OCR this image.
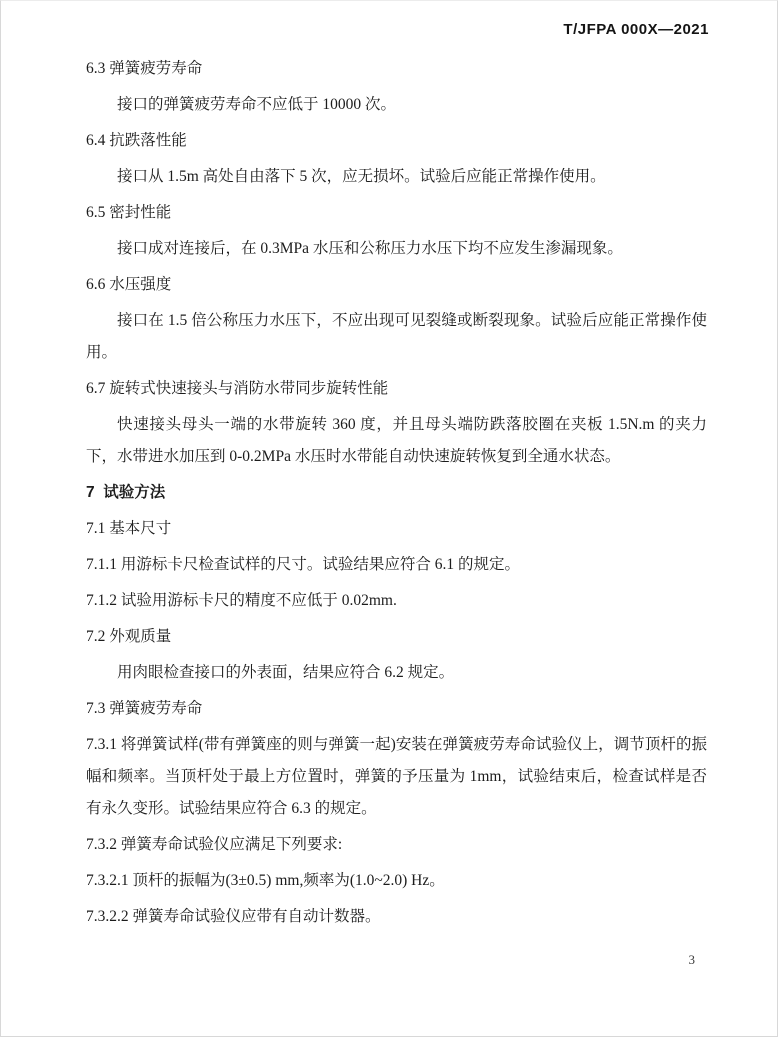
T/JFPA 000X—2021

6.3 弹簧疲劳寿命

接口的弹簧疲劳寿命不应低于 10000 次。

6.4 抗跌落性能

接口从 1.5m 高处自由落下 5 次，应无损坏。试验后应能正常操作使用。

6.5 密封性能

接口成对连接后，在 0.3MPa 水压和公称压力水压下均不应发生渗漏现象。

6.6 水压强度

接口在 1.5 倍公称压力水压下，不应出现可见裂缝或断裂现象。试验后应能正常操作使用。

6.7 旋转式快速接头与消防水带同步旋转性能

快速接头母头一端的水带旋转 360 度，并且母头端防跌落胶圈在夹板 1.5N.m 的夹力下，水带进水加压到 0-0.2MPa 水压时水带能自动快速旋转恢复到全通水状态。

7  试验方法

7.1 基本尺寸

7.1.1 用游标卡尺检查试样的尺寸。试验结果应符合 6.1 的规定。

7.1.2 试验用游标卡尺的精度不应低于 0.02mm.

7.2 外观质量

用肉眼检查接口的外表面，结果应符合 6.2 规定。

7.3 弹簧疲劳寿命

7.3.1 将弹簧试样(带有弹簧座的则与弹簧一起)安装在弹簧疲劳寿命试验仪上，调节顶杆的振幅和频率。当顶杆处于最上方位置时，弹簧的予压量为 1mm，试验结束后，检查试样是否有永久变形。试验结果应符合 6.3 的规定。

7.3.2 弹簧寿命试验仪应满足下列要求:

7.3.2.1 顶杆的振幅为(3±0.5) mm,频率为(1.0~2.0) Hz。

7.3.2.2 弹簧寿命试验仪应带有自动计数器。

3
